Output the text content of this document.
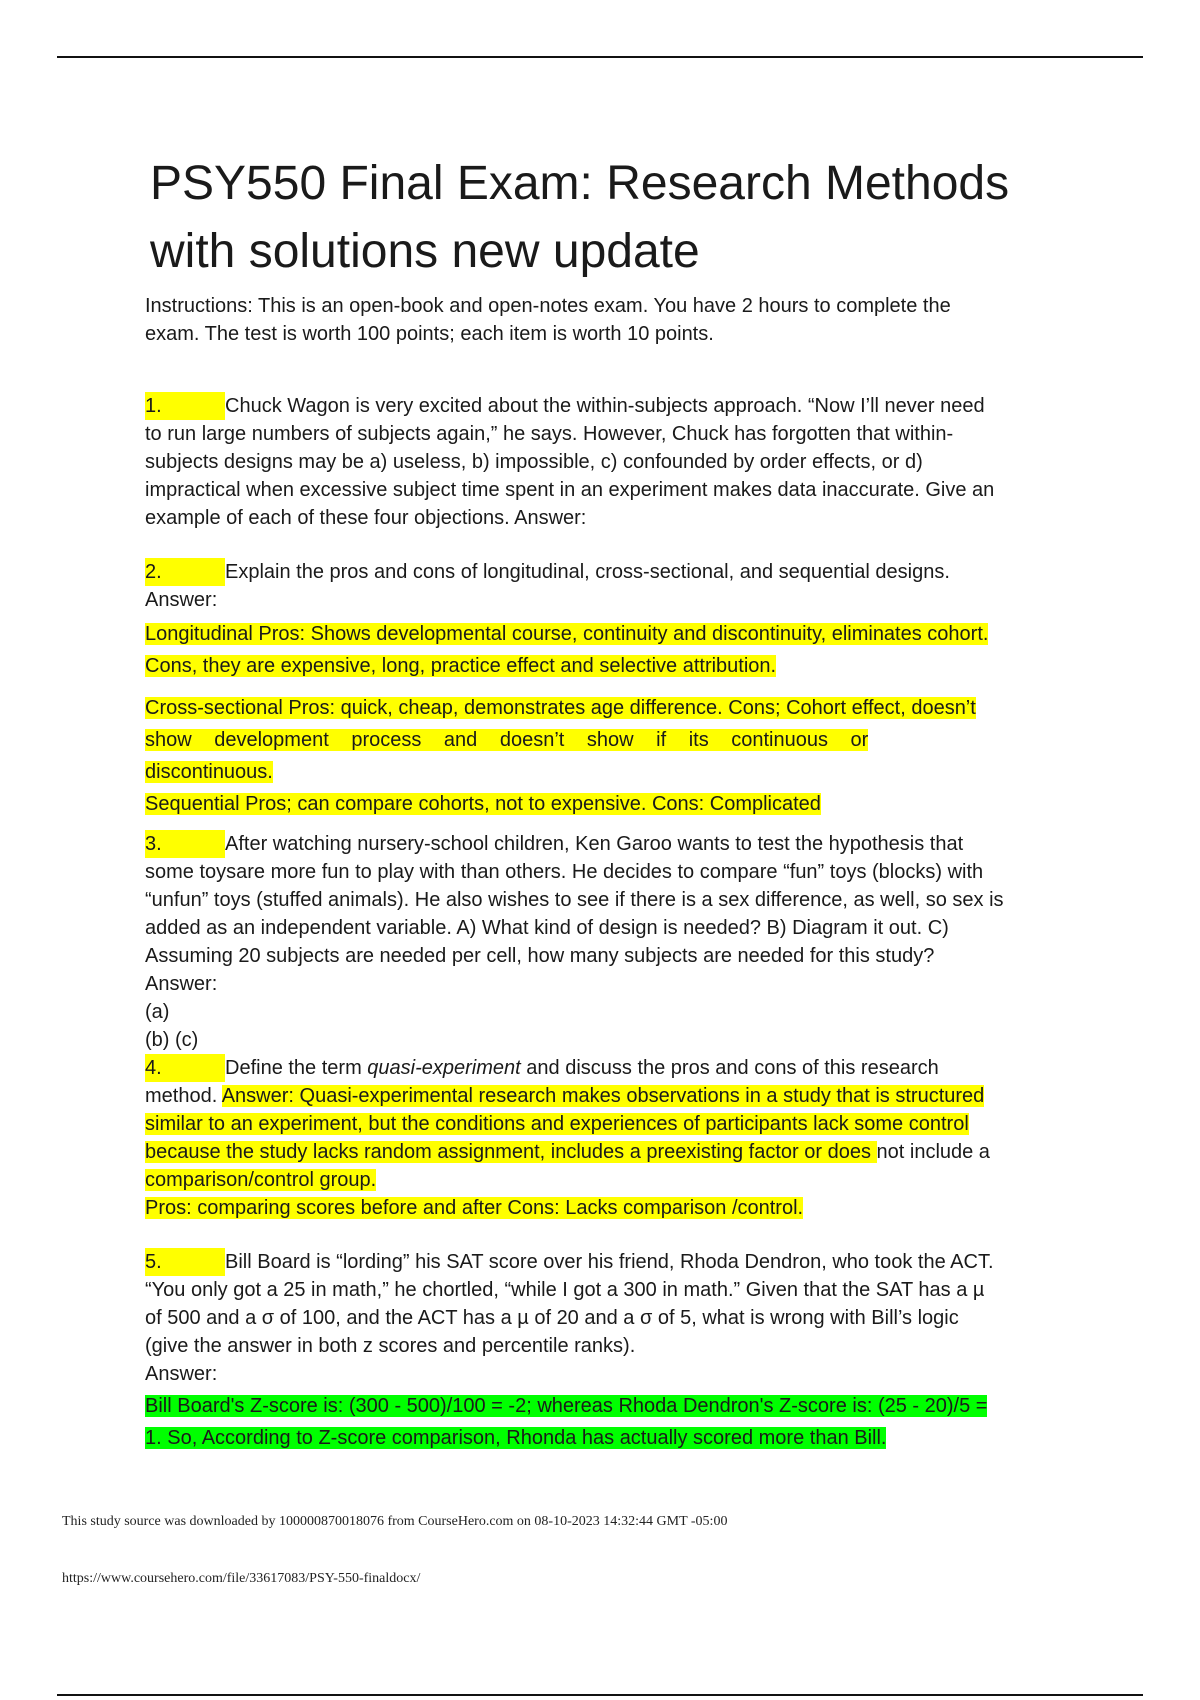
PSY550 Final Exam: Research Methods
with solutions new update

Instructions: This is an open-book and open-notes exam. You have 2 hours to complete the
exam. The test is worth 100 points; each item is worth 10 points.

1.	Chuck Wagon is very excited about the within-subjects approach. “Now I’ll never need
to run large numbers of subjects again,” he says. However, Chuck has forgotten that within-
subjects designs may be a) useless, b) impossible, c) confounded by order effects, or d)
impractical when excessive subject time spent in an experiment makes data inaccurate. Give an
example of each of these four objections. Answer:

2.	Explain the pros and cons of longitudinal, cross-sectional, and sequential designs.
Answer:

Longitudinal Pros: Shows developmental course, continuity and discontinuity, eliminates cohort.
Cons, they are expensive, long, practice effect and selective attribution.
Cross-sectional Pros: quick, cheap, demonstrates age difference. Cons; Cohort effect, doesn’t
show development process and doesn’t show if its continuous or
discontinuous.
Sequential Pros; can compare cohorts, not to expensive. Cons: Complicated

3.	After watching nursery-school children, Ken Garoo wants to test the hypothesis that
some toysare more fun to play with than others. He decides to compare “fun” toys (blocks) with
“unfun” toys (stuffed animals). He also wishes to see if there is a sex difference, as well, so sex is
added as an independent variable. A) What kind of design is needed? B) Diagram it out. C)
Assuming 20 subjects are needed per cell, how many subjects are needed for this study?
Answer:
(a)
(b) (c)

4.	Define the term quasi-experiment and discuss the pros and cons of this research
method. Answer: Quasi-experimental research makes observations in a study that is structured
similar to an experiment, but the conditions and experiences of participants lack some control
because the study lacks random assignment, includes a preexisting factor or does not include a
comparison/control group.
Pros: comparing scores before and after Cons: Lacks comparison /control.

5.	Bill Board is “lording” his SAT score over his friend, Rhoda Dendron, who took the ACT.
“You only got a 25 in math,” he chortled, “while I got a 300 in math.” Given that the SAT has a µ
of 500 and a σ of 100, and the ACT has a µ of 20 and a σ of 5, what is wrong with Bill’s logic
(give the answer in both z scores and percentile ranks).
Answer:

Bill Board's Z-score is: (300 - 500)/100 = -2; whereas Rhoda Dendron's Z-score is: (25 - 20)/5 =
1. So, According to Z-score comparison, Rhonda has actually scored more than Bill.
This study source was downloaded by 100000870018076 from CourseHero.com on 08-10-2023 14:32:44 GMT -05:00
https://www.coursehero.com/file/33617083/PSY-550-finaldocx/
